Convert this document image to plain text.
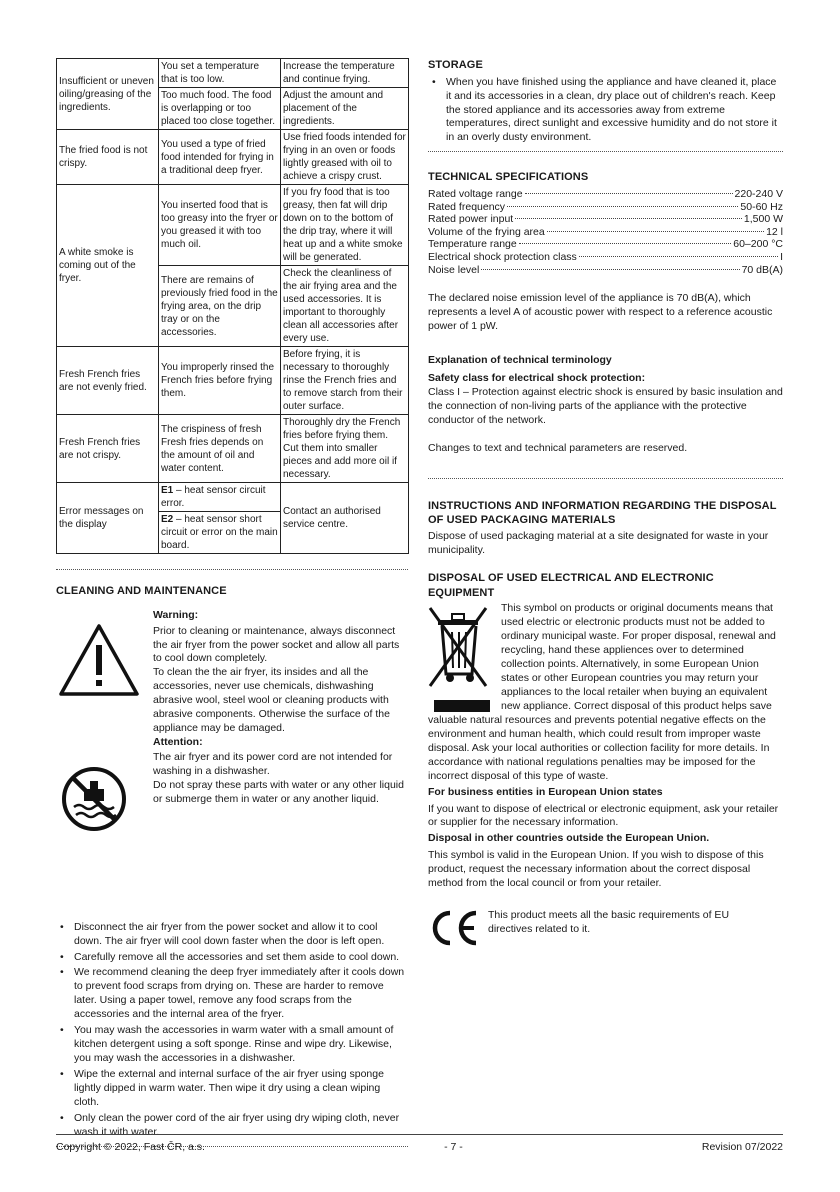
Insufficient or uneven oiling/greasing of the ingredients.	You set a temperature that is too low.	Increase the temperature and continue frying.
	Too much food. The food is overlapping or too placed too close together.	Adjust the amount and placement of the ingredients.
The fried food is not crispy.	You used a type of fried food intended for frying in a traditional deep fryer.	Use fried foods intended for frying in an oven or foods lightly greased with oil to achieve a crispy crust.
A white smoke is coming out of the fryer.	You inserted food that is too greasy into the fryer or you greased it with too much oil.	If you fry food that is too greasy, then fat will drip down on to the bottom of the drip tray, where it will heat up and a white smoke will be generated.
	There are remains of previously fried food in the frying area, on the drip tray or on the accessories.	Check the cleanliness of the air frying area and the used accessories. It is important to thoroughly clean all accessories after every use.
Fresh French fries are not evenly fried.	You improperly rinsed the French fries before frying them.	Before frying, it is necessary to thoroughly rinse the French fries and to remove starch from their outer surface.
Fresh French fries are not crispy.	The crispiness of fresh Fresh fries depends on the amount of oil and water content.	Thoroughly dry the French fries before frying them. Cut them into smaller pieces and add more oil if necessary.
Error messages on the display	E1 – heat sensor circuit error.	Contact an authorised service centre.
	E2 – heat sensor short circuit or error on the main board.	
CLEANING AND MAINTENANCE
Warning:

Prior to cleaning or maintenance, always disconnect the air fryer from the power socket and allow all parts to cool down completely.

To clean the the air fryer, its insides and all the accessories, never use chemicals, dishwashing abrasive wool, steel wool or cleaning products with abrasive components. Otherwise the surface of the appliance may be damaged.

Attention:

The air fryer and its power cord are not intended for washing in a dishwasher.

Do not spray these parts with water or any other liquid or submerge them in water or any another liquid.

• Disconnect the air fryer from the power socket and allow it to cool down. The air fryer will cool down faster when the door is left open.
• Carefully remove all the accessories and set them aside to cool down.
• We recommend cleaning the deep fryer immediately after it cools down to prevent food scraps from drying on. These are harder to remove later. Using a paper towel, remove any food scraps from the accessories and the internal area of the fryer.
• You may wash the accessories in warm water with a small amount of kitchen detergent using a soft sponge. Rinse and wipe dry. Likewise, you may wash the accessories in a dishwasher.
• Wipe the external and internal surface of the air fryer using sponge lightly dipped in warm water. Then wipe it dry using a clean wiping cloth.
• Only clean the power cord of the air fryer using dry wiping cloth, never wash it with water.
STORAGE
• When you have finished using the appliance and have cleaned it, place it and its accessories in a clean, dry place out of children's reach. Keep the stored appliance and its accessories away from extreme temperatures, direct sunlight and excessive humidity and do not store it in an overly dusty environment.
TECHNICAL SPECIFICATIONS
Rated voltage range	220-240 V
Rated frequency	50-60 Hz
Rated power input	1,500 W
Volume of the frying area	12 l
Temperature range	60–200 °C
Electrical shock protection class	I
Noise level	70 dB(A)

The declared noise emission level of the appliance is 70 dB(A), which represents a level A of acoustic power with respect to a reference acoustic power of 1 pW.

Explanation of technical terminology
Safety class for electrical shock protection:

Class I – Protection against electric shock is ensured by basic insulation and the connection of non-living parts of the appliance with the protective conductor of the network.

Changes to text and technical parameters are reserved.

INSTRUCTIONS AND INFORMATION REGARDING THE DISPOSAL OF USED PACKAGING MATERIALS

Dispose of used packaging material at a site designated for waste in your municipality.

DISPOSAL OF USED ELECTRICAL AND ELECTRONIC EQUIPMENT
This symbol on products or original documents means that
used electric or electronic products must not be added to
ordinary municipal waste. For proper disposal, renewal and
recycling, hand these appliences over to determined
collection points. Alternatively, in some European Union
states or other European countries you may return your
appliances to the local retailer when buying an equivalent
new appliance. Correct disposal of this product helps save

valuable natural resources and prevents potential negative effects on the environment and human health, which could result from improper waste disposal. Ask your local authorities or collection facility for more details. In accordance with national regulations penalties may be imposed for the incorrect disposal of this type of waste.

For business entities in European Union states

If you want to dispose of electrical or electronic equipment, ask your retailer or supplier for the necessary information.

Disposal in other countries outside the European Union.

This symbol is valid in the European Union. If you wish to dispose of this product, request the necessary information about the correct disposal method from the local council or from your retailer.

This product meets all the basic requirements of EU directives related to it.

Copyright © 2022, Fast ČR, a.s.	- 7 -	Revision 07/2022
